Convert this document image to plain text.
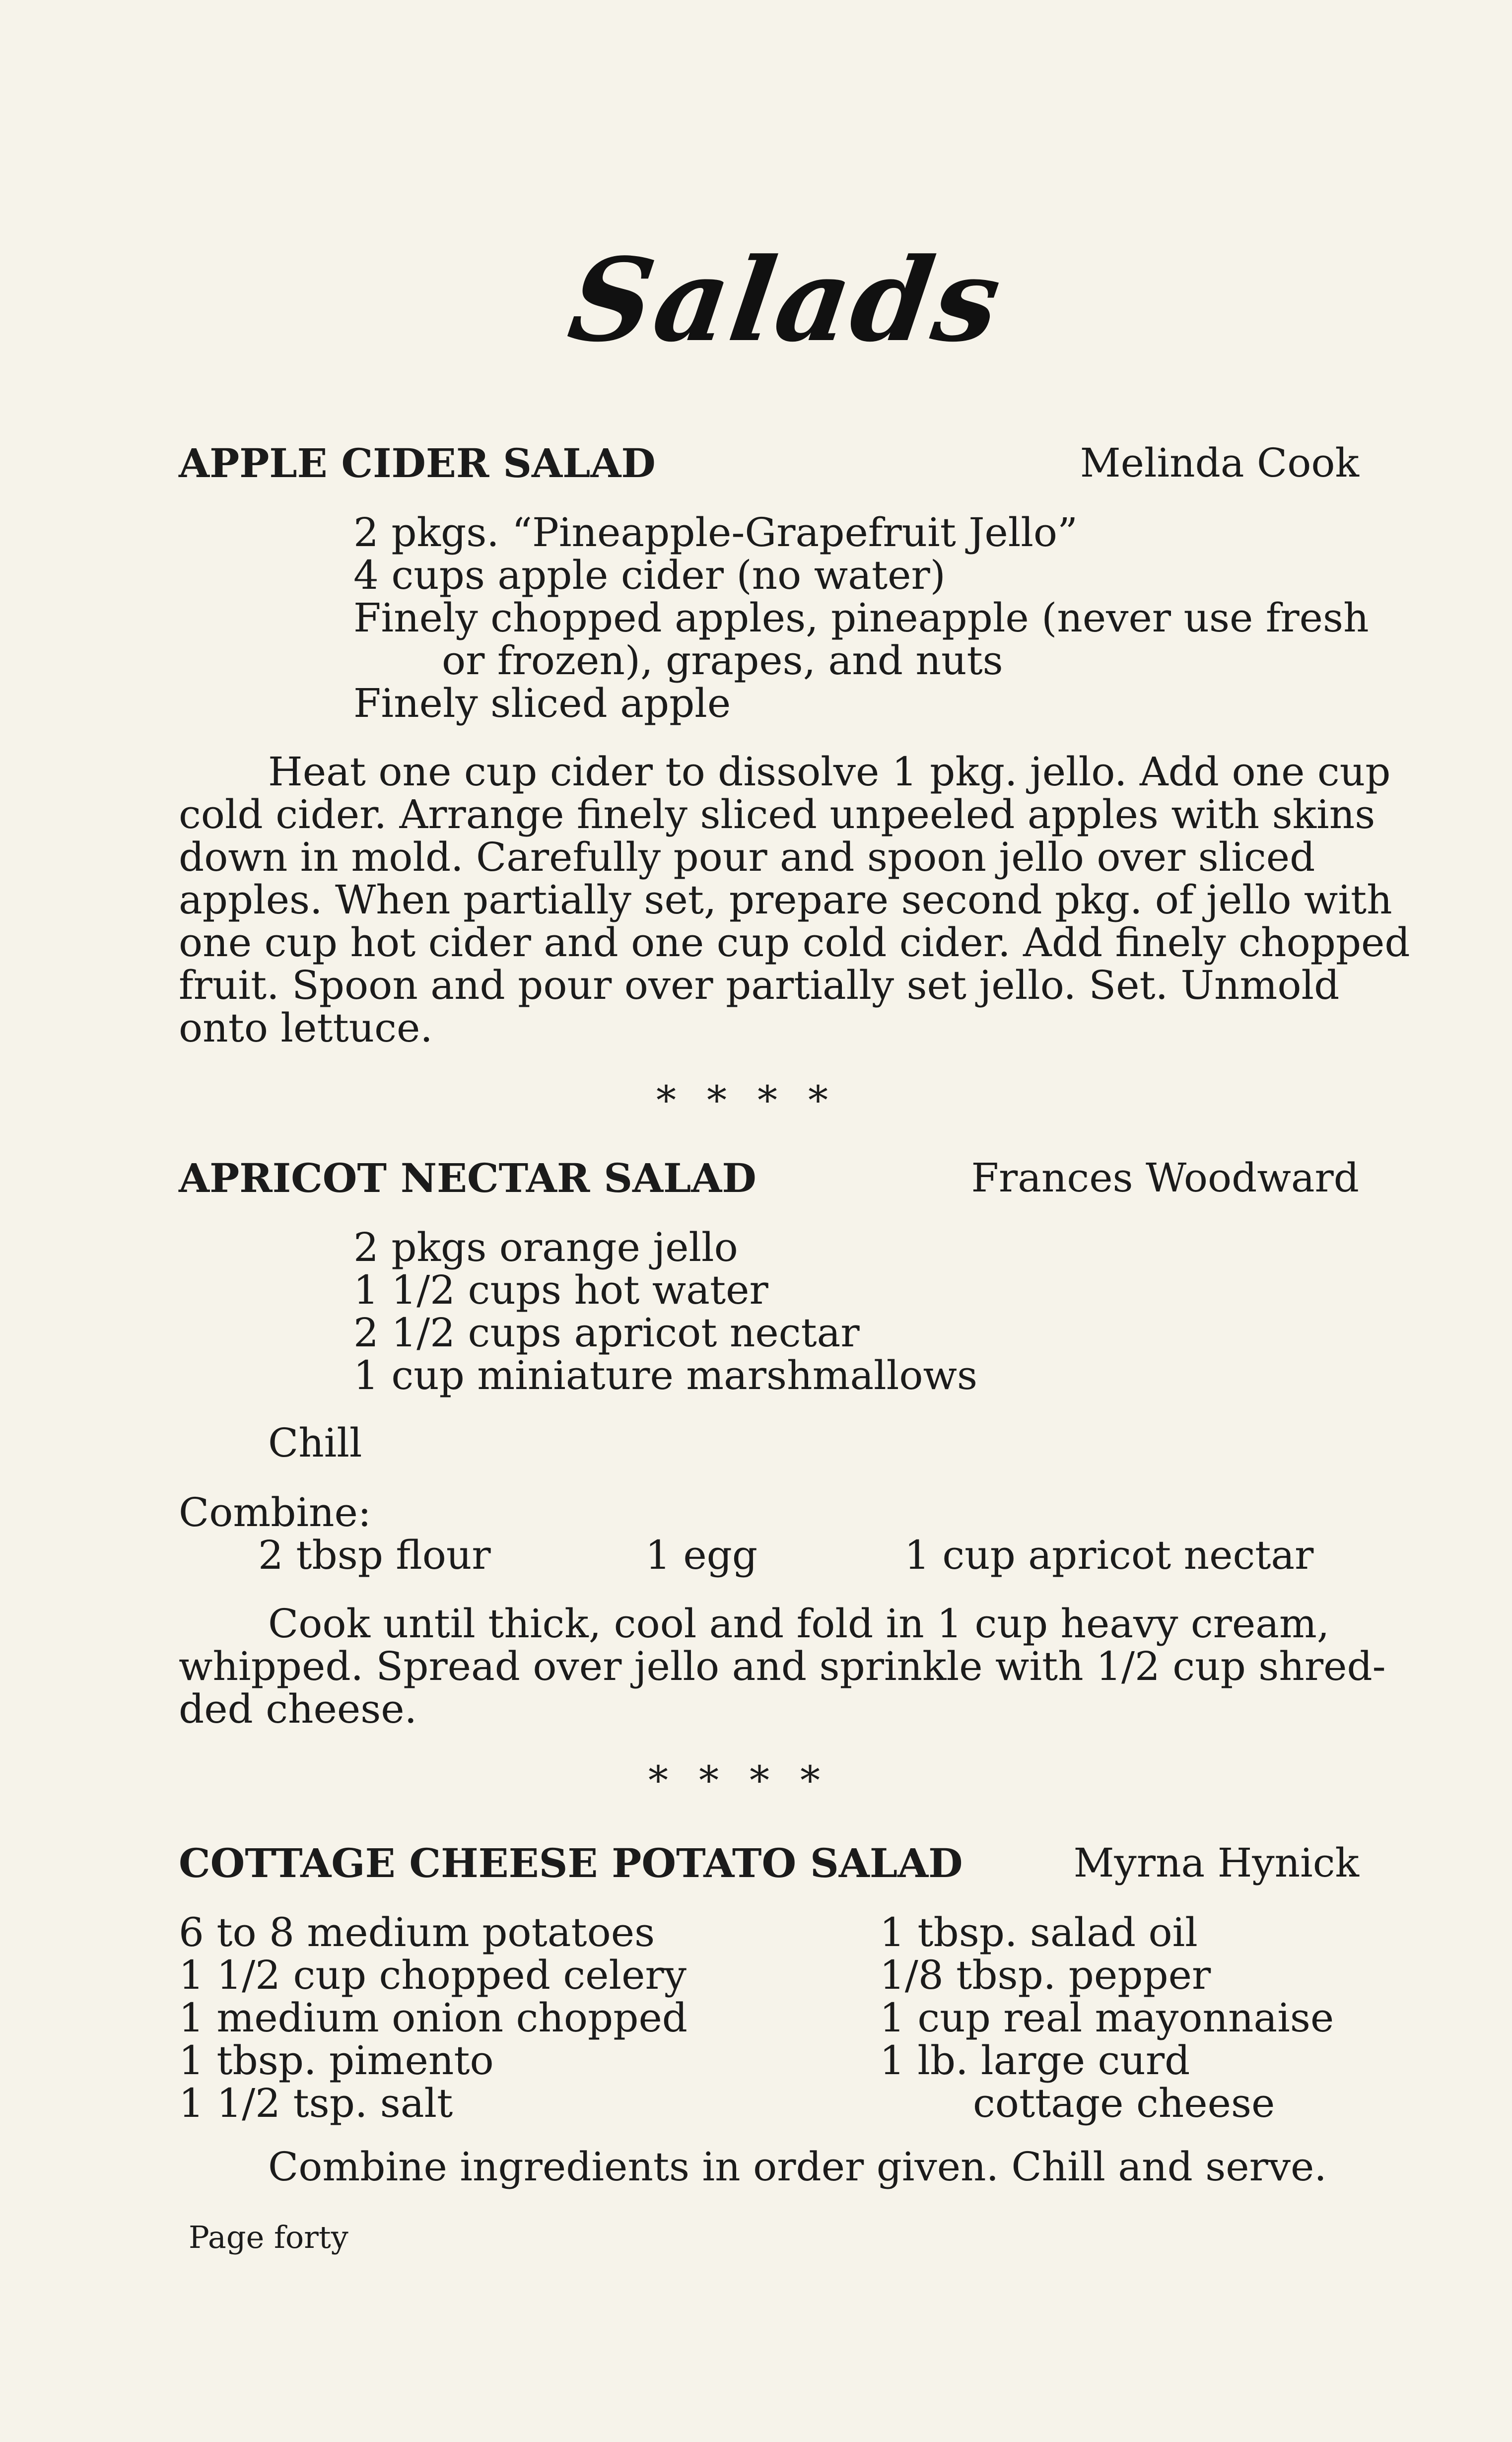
Salads
APPLE CIDER SALAD	Melinda Cook
2 pkgs. “Pineapple-Grapefruit Jello”
4 cups apple cider (no water)
Finely chopped apples, pineapple (never use fresh
or frozen), grapes, and nuts
Finely sliced apple
Heat one cup cider to dissolve 1 pkg. jello. Add one cup
cold cider. Arrange finely sliced unpeeled apples with skins
down in mold. Carefully pour and spoon jello over sliced
apples. When partially set, prepare second pkg. of jello with
one cup hot cider and one cup cold cider. Add finely chopped
fruit. Spoon and pour over partially set jello. Set. Unmold
onto lettuce.
****
APRICOT NECTAR SALAD	Frances Woodward
2 pkgs orange jello
1 1/2 cups hot water
2 1/2 cups apricot nectar
1 cup miniature marshmallows
Chill
Combine:
2 tbsp flour	1 egg	1 cup apricot nectar
Cook until thick, cool and fold in 1 cup heavy cream,
whipped. Spread over jello and sprinkle with 1/2 cup shred-
ded cheese.
****
COTTAGE CHEESE POTATO SALAD	Myrna Hynick
6 to 8 medium potatoes
1 1/2 cup chopped celery
1 medium onion chopped
1 tbsp. pimento
1 1/2 tsp. salt
1 tbsp. salad oil
1/8 tbsp. pepper
1 cup real mayonnaise
1 lb. large curd
cottage cheese
Combine ingredients in order given. Chill and serve.
Page forty
